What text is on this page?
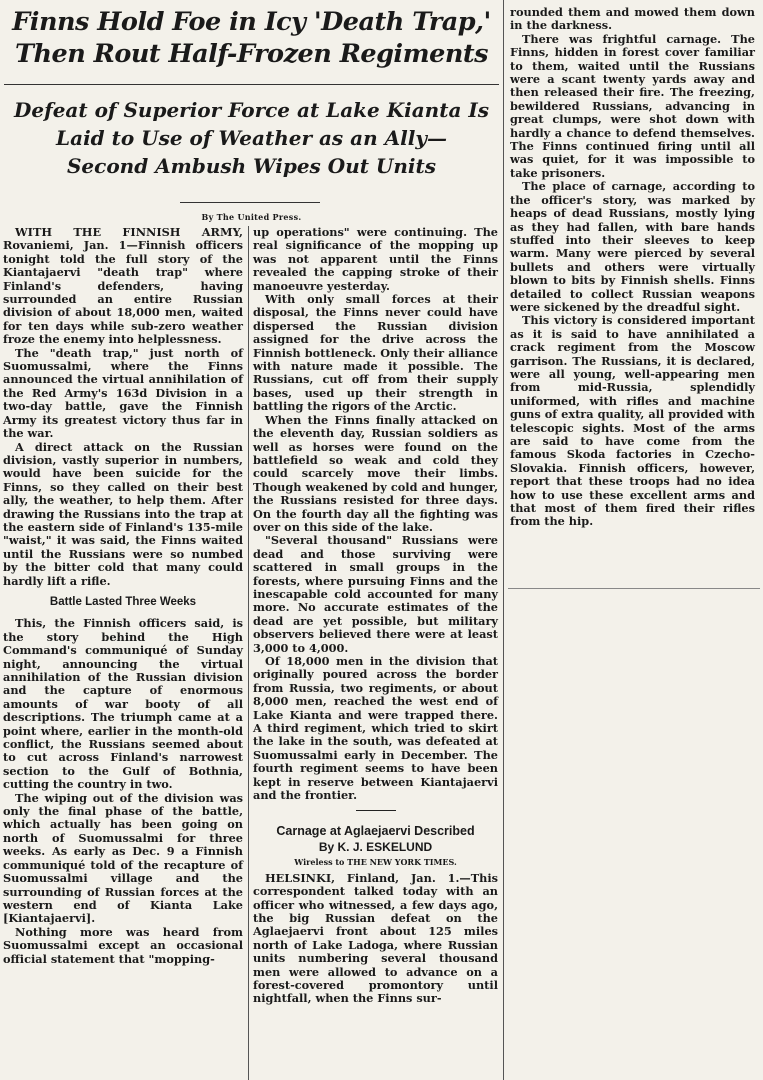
Finns Hold Foe in Icy 'Death Trap,'
Then Rout Half-Frozen Regiments
Defeat of Superior Force at Lake Kianta Is
Laid to Use of Weather as an Ally—
Second Ambush Wipes Out Units
By The United Press.

WITH THE FINNISH ARMY, Rovaniemi, Jan. 1—Finnish officers tonight told the full story of the Kiantajaervi "death trap" where Finland's defenders, having surrounded an entire Russian division of about 18,000 men, waited for ten days while sub-zero weather froze the enemy into helplessness.

The "death trap," just north of Suomussalmi, where the Finns announced the virtual annihilation of the Red Army's 163d Division in a two-day battle, gave the Finnish Army its greatest victory thus far in the war.

A direct attack on the Russian division, vastly superior in numbers, would have been suicide for the Finns, so they called on their best ally, the weather, to help them. After drawing the Russians into the trap at the eastern side of Finland's 135-mile "waist," it was said, the Finns waited until the Russians were so numbed by the bitter cold that many could hardly lift a rifle.

Battle Lasted Three Weeks

This, the Finnish officers said, is the story behind the High Command's communiqué of Sunday night, announcing the virtual annihilation of the Russian division and the capture of enormous amounts of war booty of all descriptions. The triumph came at a point where, earlier in the month-old conflict, the Russians seemed about to cut across Finland's narrowest section to the Gulf of Bothnia, cutting the country in two.

The wiping out of the division was only the final phase of the battle, which actually has been going on north of Suomussalmi for three weeks. As early as Dec. 9 a Finnish communiqué told of the recapture of Suomussalmi village and the surrounding of Russian forces at the western end of Kianta Lake [Kiantajaervi].

Nothing more was heard from Suomussalmi except an occasional official statement that "mopping-

up operations" were continuing. The real significance of the mopping up was not apparent until the Finns revealed the capping stroke of their manoeuvre yesterday.

With only small forces at their disposal, the Finns never could have dispersed the Russian division assigned for the drive across the Finnish bottleneck. Only their alliance with nature made it possible. The Russians, cut off from their supply bases, used up their strength in battling the rigors of the Arctic.

When the Finns finally attacked on the eleventh day, Russian soldiers as well as horses were found on the battlefield so weak and cold they could scarcely move their limbs. Though weakened by cold and hunger, the Russians resisted for three days. On the fourth day all the fighting was over on this side of the lake.

"Several thousand" Russians were dead and those surviving were scattered in small groups in the forests, where pursuing Finns and the inescapable cold accounted for many more. No accurate estimates of the dead are yet possible, but military observers believed there were at least 3,000 to 4,000.

Of 18,000 men in the division that originally poured across the border from Russia, two regiments, or about 8,000 men, reached the west end of Lake Kianta and were trapped there. A third regiment, which tried to skirt the lake in the south, was defeated at Suomussalmi early in December. The fourth regiment seems to have been kept in reserve between Kiantajaervi and the frontier.

Carnage at Aglaejaervi Described
By K. J. ESKELUND
Wireless to THE NEW YORK TIMES.

HELSINKI, Finland, Jan. 1.—This correspondent talked today with an officer who witnessed, a few days ago, the big Russian defeat on the Aglaejaervi front about 125 miles north of Lake Ladoga, where Russian units numbering several thousand men were allowed to advance on a forest-covered promontory until nightfall, when the Finns sur-

rounded them and mowed them down in the darkness.

There was frightful carnage. The Finns, hidden in forest cover familiar to them, waited until the Russians were a scant twenty yards away and then released their fire. The freezing, bewildered Russians, advancing in great clumps, were shot down with hardly a chance to defend themselves. The Finns continued firing until all was quiet, for it was impossible to take prisoners.

The place of carnage, according to the officer's story, was marked by heaps of dead Russians, mostly lying as they had fallen, with bare hands stuffed into their sleeves to keep warm. Many were pierced by several bullets and others were virtually blown to bits by Finnish shells. Finns detailed to collect Russian weapons were sickened by the dreadful sight.

This victory is considered important as it is said to have annihilated a crack regiment from the Moscow garrison. The Russians, it is declared, were all young, well-appearing men from mid-Russia, splendidly uniformed, with rifles and machine guns of extra quality, all provided with telescopic sights. Most of the arms are said to have come from the famous Skoda factories in Czecho-Slovakia. Finnish officers, however, report that these troops had no idea how to use these excellent arms and that most of them fired their rifles from the hip.
